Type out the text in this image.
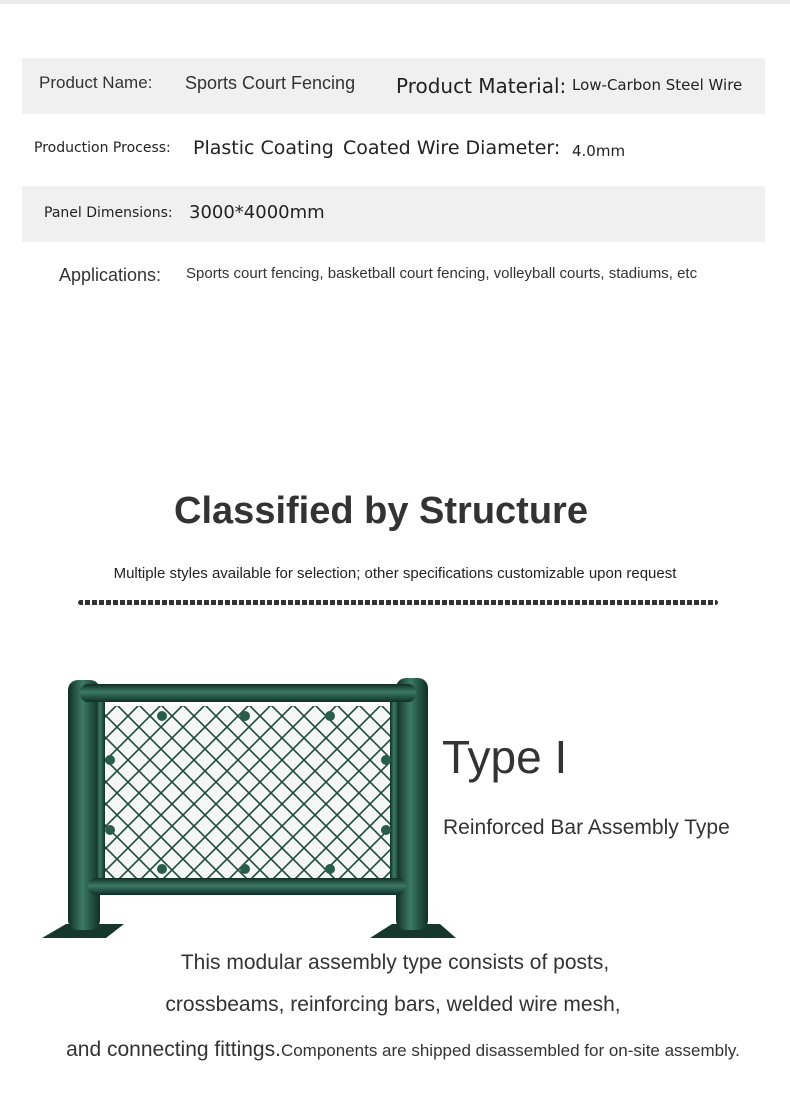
Product Name: Sports Court Fencing Product Material: Low-Carbon Steel Wire
Production Process: Plastic Coating Coated Wire Diameter: 4.0mm
Panel Dimensions: 3000*4000mm
Applications: Sports court fencing, basketball court fencing, volleyball courts, stadiums, etc
Classified by Structure
Multiple styles available for selection; other specifications customizable upon request
Type I
Reinforced Bar Assembly Type
This modular assembly type consists of posts,
crossbeams, reinforcing bars, welded wire mesh,
and connecting fittings.Components are shipped disassembled for on-site assembly.
